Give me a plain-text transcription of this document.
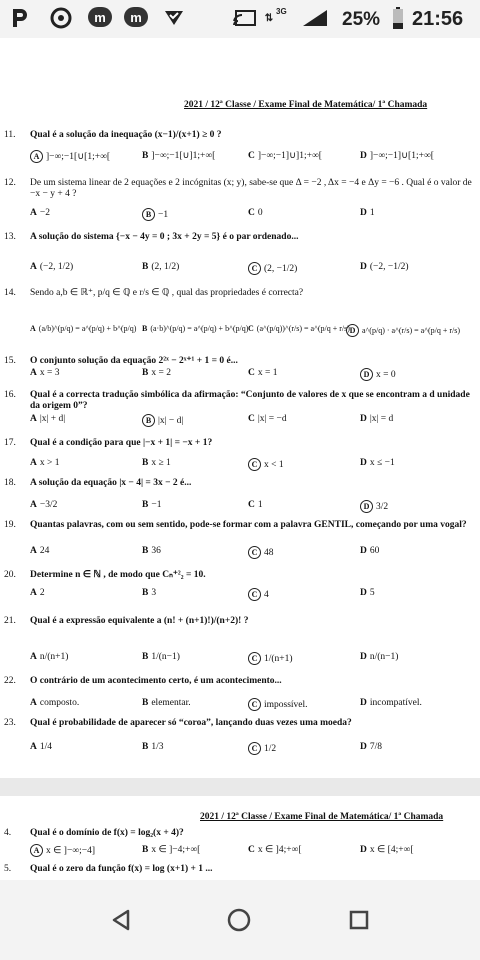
m m	⇅
3G	25% 21:56
2021 / 12ª Classe / Exame Final de Matemática/ 1ª Chamada
11. Qual é a solução da inequação (x−1)/(x+1) ≥ 0 ?
A ]−∞;−1[∪[1;+∞[	B ]−∞;−1[∪]1;+∞[	C ]−∞;−1]∪]1;+∞[	D ]−∞;−1]∪[1;+∞[
12. De um sistema linear de 2 equações e 2 incógnitas (x; y), sabe-se que Δ = −2 , Δx = −4 e Δy = −6 . Qual é o valor de −x − y + 4 ?
A −2	B −1	C 0	D 1
13. A solução do sistema {−x − 4y = 0 ; 3x + 2y = 5} é o par ordenado...
A (−2, 1/2)	B (2, 1/2)	C (2, −1/2)	D (−2, −1/2)
14. Sendo a,b ∈ ℝ⁺, p/q ∈ ℚ e r/s ∈ ℚ , qual das propriedades é correcta?
A (a/b)^(p/q) = a^(p/q) + b^(p/q) B (a·b)^(p/q) = a^(p/q) + b^(p/q) C (a^(p/q))^(r/s) = a^(p/q + r/s) D a^(p/q) · a^(r/s) = a^(p/q + r/s)
15. O conjunto solução da equação 2²ˣ − 2ˣ⁺¹ + 1 = 0 é...
A x = 3	B x = 2	C x = 1	D x = 0
16. Qual é a correcta tradução simbólica da afirmação: “Conjunto de valores de x que se encontram a d unidade da origem 0”?
A |x| + d|	B |x| − d|	C |x| = −d	D |x| = d
17. Qual é a condição para que |−x + 1| = −x + 1?
A x > 1	B x ≥ 1	C x < 1	D x ≤ −1
18. A solução da equação |x − 4| = 3x − 2 é...
A −3/2	B −1	C 1	D 3/2
19. Quantas palavras, com ou sem sentido, pode-se formar com a palavra GENTIL, começando por uma vogal?
A 24	B 36	C 48	D 60
20. Determine n ∈ ℕ , de modo que Cₙ⁺²₂ = 10.
A 2	B 3	C 4	D 5
21. Qual é a expressão equivalente a (n! + (n+1)!)/(n+2)! ?
A n/(n+1)	B 1/(n−1)	C 1/(n+1)	D n/(n−1)
22. O contrário de um acontecimento certo, é um acontecimento...
A composto.	B elementar.	C impossível.	D incompatível.
23. Qual é probabilidade de aparecer só “coroa”, lançando duas vezes uma moeda?
A 1/4	B 1/3	C 1/2	D 7/8
2021 / 12ª Classe / Exame Final de Matemática/ 1ª Chamada
4. Qual é o domínio de f(x) = log₂(x + 4)?
A x ∈ ]−∞;−4]	B x ∈ ]−4;+∞[	C x ∈ ]4;+∞[	D x ∈ [4;+∞[
5. Qual é o zero da função f(x) = log (x+1) + 1 ...
